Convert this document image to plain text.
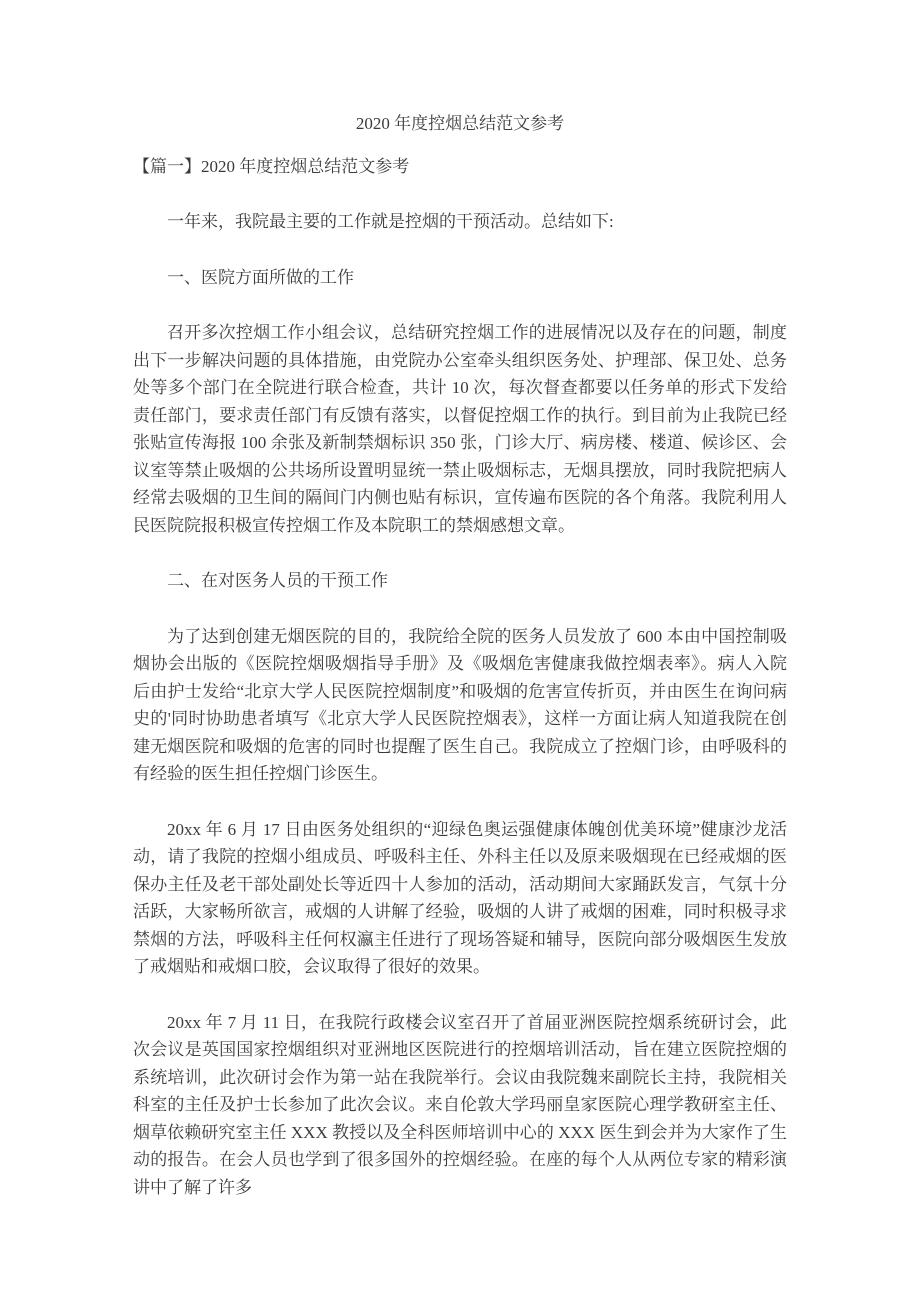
2020 年度控烟总结范文参考

【篇一】2020 年度控烟总结范文参考

一年来，我院最主要的工作就是控烟的干预活动。总结如下:

一、医院方面所做的工作

召开多次控烟工作小组会议，总结研究控烟工作的进展情况以及存在的问题，制度出下一步解决问题的具体措施，由党院办公室牵头组织医务处、护理部、保卫处、总务处等多个部门在全院进行联合检查，共计 10 次，每次督查都要以任务单的形式下发给责任部门，要求责任部门有反馈有落实，以督促控烟工作的执行。到目前为止我院已经张贴宣传海报 100 余张及新制禁烟标识 350 张，门诊大厅、病房楼、楼道、候诊区、会议室等禁止吸烟的公共场所设置明显统一禁止吸烟标志，无烟具摆放，同时我院把病人经常去吸烟的卫生间的隔间门内侧也贴有标识，宣传遍布医院的各个角落。我院利用人民医院院报积极宣传控烟工作及本院职工的禁烟感想文章。

二、在对医务人员的干预工作

为了达到创建无烟医院的目的，我院给全院的医务人员发放了 600 本由中国控制吸烟协会出版的《医院控烟吸烟指导手册》及《吸烟危害健康我做控烟表率》。病人入院后由护士发给“北京大学人民医院控烟制度”和吸烟的危害宣传折页，并由医生在询问病史的'同时协助患者填写《北京大学人民医院控烟表》，这样一方面让病人知道我院在创建无烟医院和吸烟的危害的同时也提醒了医生自己。我院成立了控烟门诊，由呼吸科的有经验的医生担任控烟门诊医生。

20xx 年 6 月 17 日由医务处组织的“迎绿色奥运强健康体魄创优美环境”健康沙龙活动，请了我院的控烟小组成员、呼吸科主任、外科主任以及原来吸烟现在已经戒烟的医保办主任及老干部处副处长等近四十人参加的活动，活动期间大家踊跃发言，气氛十分活跃，大家畅所欲言，戒烟的人讲解了经验，吸烟的人讲了戒烟的困难，同时积极寻求禁烟的方法，呼吸科主任何权瀛主任进行了现场答疑和辅导，医院向部分吸烟医生发放了戒烟贴和戒烟口胶，会议取得了很好的效果。

20xx 年 7 月 11 日，在我院行政楼会议室召开了首届亚洲医院控烟系统研讨会，此次会议是英国国家控烟组织对亚洲地区医院进行的控烟培训活动，旨在建立医院控烟的系统培训，此次研讨会作为第一站在我院举行。会议由我院魏来副院长主持，我院相关科室的主任及护士长参加了此次会议。来自伦敦大学玛丽皇家医院心理学教研室主任、烟草依赖研究室主任 XXX 教授以及全科医师培训中心的 XXX 医生到会并为大家作了生动的报告。在会人员也学到了很多国外的控烟经验。在座的每个人从两位专家的精彩演讲中了解了许多
